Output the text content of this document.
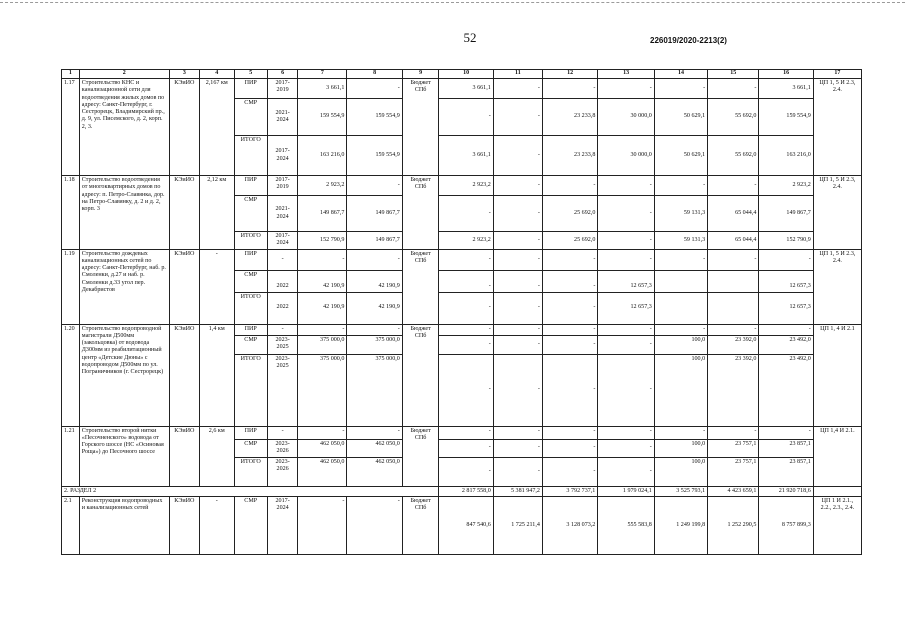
52	226019/2020-2213(2)
1	2	3	4	5	6	7	8	9	10	11	12	13	14	15	16	17
1.17	Строительство КНС и канализационной сети для водоотведения жилых домов по адресу: Санкт-Петербург, г. Сестрорецк, Владимирский пр., д. 9, ул. Писемского, д. 2, корп. 2, 3.	КЭиИО	2,167 км	ПИР	2017-2019	3 661,1	-	Бюджет СПб	3 661,1	-	-	-	-	-	3 661,1	ЦП 1, 5 И 2.3, 2.4.
				СМР	2021-2024	159 554,9	159 554,9		-	-	23 233,8	30 000,0	50 629,1	55 692,0	159 554,9	
				ИТОГО	2017-2024	163 216,0	159 554,9		3 661,1	-	23 233,8	30 000,0	50 629,1	55 692,0	163 216,0	
1.18	Строительство водоотведения от многоквартирных домов по адресу: п. Петро-Славянка, дор. на Петро-Славянку, д. 2 и д. 2, корп. 3	КЭиИО	2,12 км	ПИР	2017-2019	2 923,2	-	Бюджет СПб	2 923,2	-	-	-	-	-	2 923,2	ЦП 1, 5 И 2.3, 2.4.
				СМР	2021-2024	149 867,7	149 867,7		-	-	25 692,0	-	59 131,3	65 044,4	149 867,7	
				ИТОГО	2017-2024	152 790,9	149 867,7		2 923,2	-	25 692,0	-	59 131,3	65 044,4	152 790,9	
1.19	Строительство дождевых канализационных сетей по адресу: Санкт-Петербург, наб. р. Смоленки, д.27 и наб. р. Смоленки д.33 угол пер. Декабристов	КЭиИО	-	ПИР	-	-	-	Бюджет СПб	-	-	-	-	-	-	-	ЦП 1, 5 И 2.3, 2.4.
				СМР	2022	42 190,9	42 190,9		-	-	-	12 657,3			12 657,3	
				ИТОГО	2022	42 190,9	42 190,9		-	-	-	12 657,3			12 657,3	
1.20	Строительство водопроводной магистрали Д500мм (закольцовка) от водовода Д300мм из реабилитационный центр «Детские Дюны» с водопроводом Д500мм по ул. Пограничников (г. Сестрорецк)	КЭиИО	1,4 км	ПИР	-	-	-	Бюджет СПб	-	-	-	-	-	-	-	ЦП 1, 4 И 2.1
				СМР	2023-2025	375 000,0	375 000,0		-	-	-	-	100,0	23 392,0	23 492,0	
				ИТОГО	2023-2025	375 000,0	375 000,0		-	-	-	-	100,0	23 392,0	23 492,0	
1.21	Строительство второй нитки «Песочненского» водовода от Горского шоссе (НС «Осиновая Роща») до Песочного шоссе	КЭиИО	2,6 км	ПИР	-	-	-	Бюджет СПб	-	-	-	-	-	-	-	ЦП 1,4 И 2.1.
				СМР	2023-2026	462 050,0	462 050,0		-	-	-	-	100,0	23 757,1	23 857,1	
				ИТОГО	2023-2026	462 050,0	462 050,0		-	-	-	-	100,0	23 757,1	23 857,1	
2. РАЗДЕЛ 2									2 817 558,0	5 381 947,2	3 792 737,1	1 979 024,1	3 525 793,1	4 423 659,1	21 920 718,6	
2.1	Реконструкция водопроводных и канализационных сетей	КЭиИО	-	СМР	2017-2024	-	-	Бюджет СПб	847 540,6	1 725 211,4	3 128 073,2	555 583,8	1 249 199,8	1 252 290,5	8 757 899,3	ЦП 1 И 2.1., 2.2., 2.3., 2.4.
